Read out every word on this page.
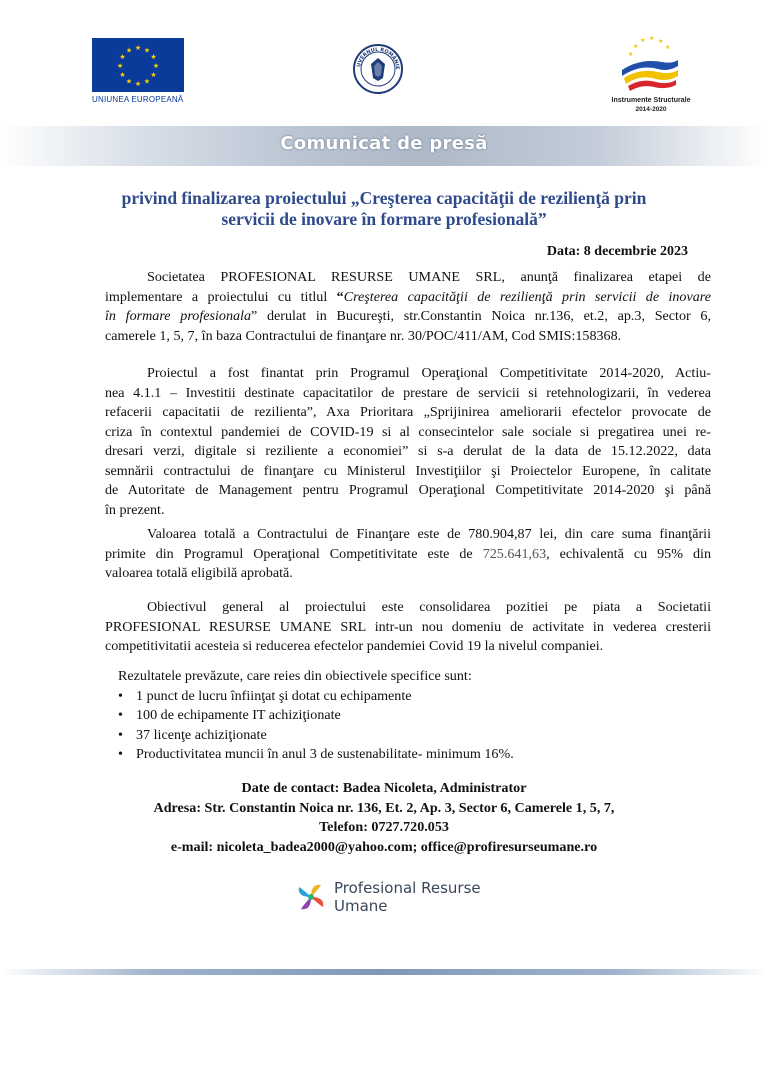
★ ★
★
★
★
★
★
★
★
★
★
★
UNIUNEA EUROPEANĂ
UVERNUL ROMÂNIE
★ ★ ★
★
★
★
Instrumente Structurale
2014-2020
Comunicat de presă
privind finalizarea proiectului „Creşterea capacităţii de rezilienţă prin
servicii de inovare în formare profesională”
Data: 8 decembrie 2023
Societatea PROFESIONAL RESURSE UMANE SRL, anunţă finalizarea etapei de
implementare a proiectului cu titlul “Creşterea capacităţii de rezilienţă prin servicii de inovare
în formare profesionala” derulat in Bucureşti, str.Constantin Noica nr.136, et.2, ap.3, Sector 6,
camerele 1, 5, 7, în baza Contractului de finanţare nr. 30/POC/411/AM, Cod SMIS:158368.
Proiectul a fost finantat prin Programul Operaţional Competitivitate 2014-2020, Actiu-
nea 4.1.1 – Investitii destinate capacitatilor de prestare de servicii si retehnologizarii, în vederea
refacerii capacitatii de rezilienta”, Axa Prioritara „Sprijinirea ameliorarii efectelor provocate de
criza în contextul pandemiei de COVID-19 si al consecintelor sale sociale si pregatirea unei re-
dresari verzi, digitale si reziliente a economiei” si s-a derulat de la data de 15.12.2022, data
semnării contractului de finanţare cu Ministerul Investiţiilor şi Proiectelor Europene, în calitate
de Autoritate de Management pentru Programul Operaţional Competitivitate 2014-2020 şi până
în prezent.
Valoarea totală a Contractului de Finanţare este de 780.904,87 lei, din care suma finanţării
primite din Programul Operaţional Competitivitate este de 725.641,63, echivalentă cu 95% din
valoarea totală eligibilă aprobată.
Obiectivul general al proiectului este consolidarea pozitiei pe piata a Societatii
PROFESIONAL RESURSE UMANE SRL intr-un nou domeniu de activitate in vederea cresterii
competitivitatii acesteia si reducerea efectelor pandemiei Covid 19 la nivelul companiei.
Rezultatele prevăzute, care reies din obiectivele specifice sunt:
• 1 punct de lucru înfiinţat şi dotat cu echipamente
• 100 de echipamente IT achiziţionate
• 37 licenţe achiziţionate
• Productivitatea muncii în anul 3 de sustenabilitate- minimum 16%.
Date de contact: Badea Nicoleta, Administrator
Adresa: Str. Constantin Noica nr. 136, Et. 2, Ap. 3, Sector 6, Camerele 1, 5, 7,
Telefon: 0727.720.053
e-mail: nicoleta_badea2000@yahoo.com; office@profiresurseumane.ro
Profesional Resurse
Umane
